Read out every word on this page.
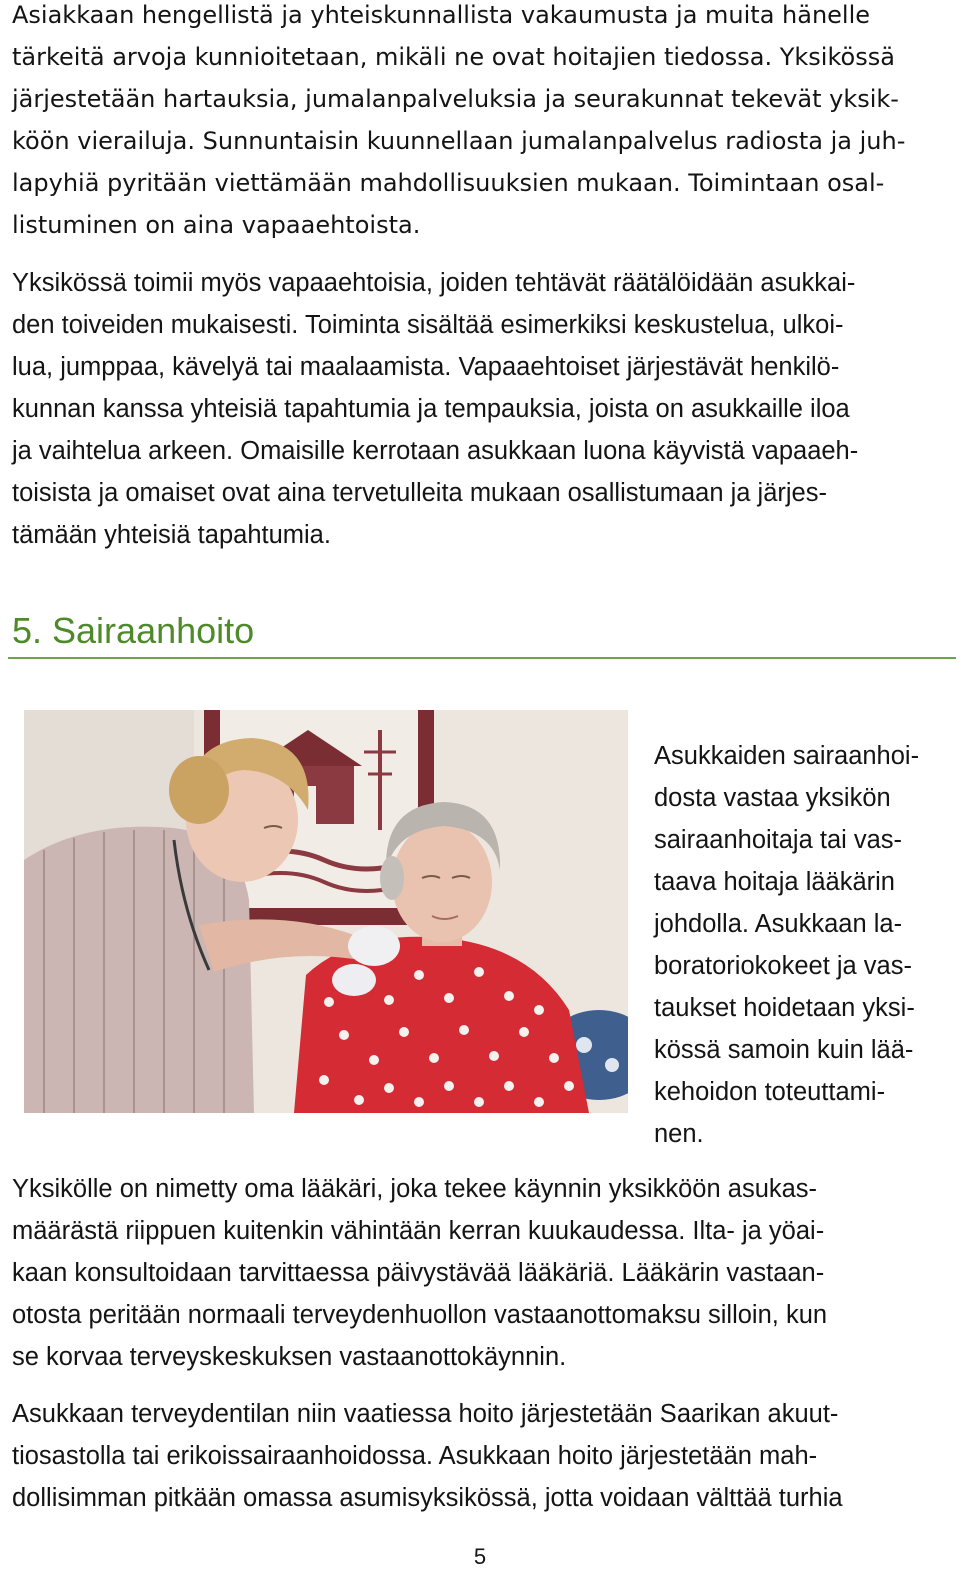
Asiakkaan hengellistä ja yhteiskunnallista vakaumusta ja muita hänelle
tärkeitä arvoja kunnioitetaan, mikäli ne ovat hoitajien tiedossa. Yksikössä
järjestetään hartauksia, jumalanpalveluksia ja seurakunnat tekevät yksik-
köön vierailuja. Sunnuntaisin kuunnellaan jumalanpalvelus radiosta ja juh-
lapyhiä pyritään viettämään mahdollisuuksien mukaan. Toimintaan osal-
listuminen on aina vapaaehtoista.

Yksikössä toimii myös vapaaehtoisia, joiden tehtävät räätälöidään asukkai-
den toiveiden mukaisesti. Toiminta sisältää esimerkiksi keskustelua, ulkoi-
lua, jumppaa, kävelyä tai maalaamista. Vapaaehtoiset järjestävät henkilö-
kunnan kanssa yhteisiä tapahtumia ja tempauksia, joista on asukkaille iloa
ja vaihtelua arkeen. Omaisille kerrotaan asukkaan luona käyvistä vapaaeh-
toisista ja omaiset ovat aina tervetulleita mukaan osallistumaan ja järjes-
tämään yhteisiä tapahtumia.

5. Sairaanhoito

Asukkaiden sairaanhoi-
dosta vastaa yksikön
sairaanhoitaja tai vas-
taava hoitaja lääkärin
johdolla. Asukkaan la-
boratoriokokeet ja vas-
taukset hoidetaan yksi-
kössä samoin kuin lää-
kehoidon toteuttami-
nen.

Yksikölle on nimetty oma lääkäri, joka tekee käynnin yksikköön asukas-
määrästä riippuen kuitenkin vähintään kerran kuukaudessa. Ilta- ja yöai-
kaan konsultoidaan tarvittaessa päivystävää lääkäriä. Lääkärin vastaan-
otosta peritään normaali terveydenhuollon vastaanottomaksu silloin, kun
se korvaa terveyskeskuksen vastaanottokäynnin.

Asukkaan terveydentilan niin vaatiessa hoito järjestetään Saarikan akuut-
tiosastolla tai erikoissairaanhoidossa. Asukkaan hoito järjestetään mah-
dollisimman pitkään omassa asumisyksikössä, jotta voidaan välttää turhia

5
